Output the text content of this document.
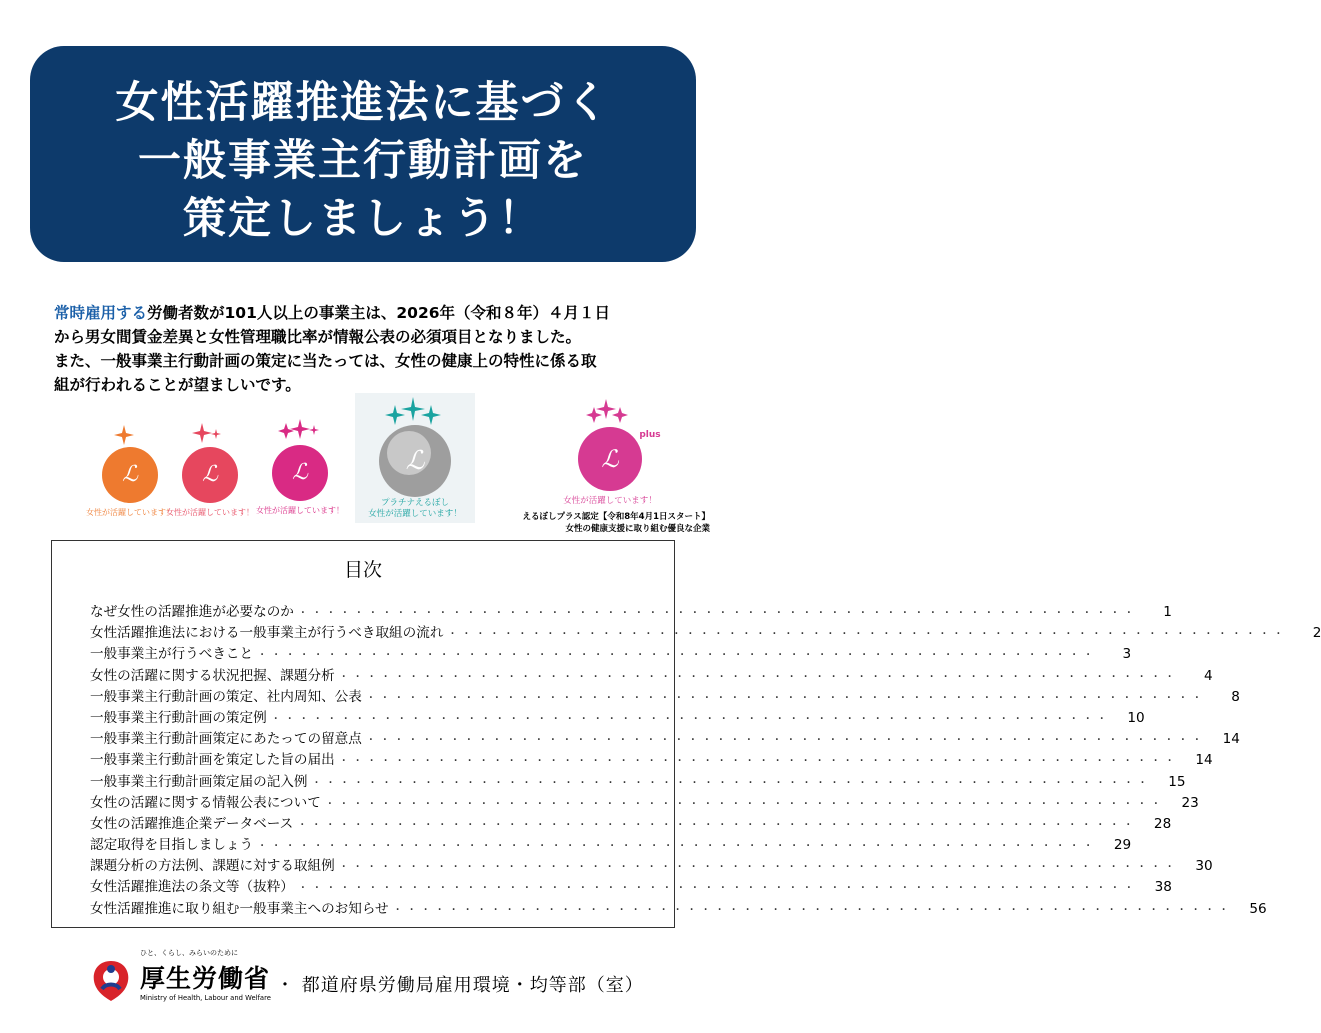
女性活躍推進法に基づく
一般事業主行動計画を
策定しましょう！
常時雇用する労働者数が101人以上の事業主は、2026年（令和８年）４月１日
から男女間賃金差異と女性管理職比率が情報公表の必須項目となりました。
また、一般事業主行動計画の策定に当たっては、女性の健康上の特性に係る取
組が行われることが望ましいです。
ℒ
女性が活躍しています！
ℒ
女性が活躍しています！
ℒ
女性が活躍しています！
ℒ
プラチナえるぼし
女性が活躍しています！
ℒ
plus
女性が活躍しています！
えるぼしプラス認定【令和8年4月1日スタート】
女性の健康支援に取り組む優良な企業
目次
なぜ女性の活躍推進が必要なのか ・・・・・・・・・・・・・・・・・・・・・・・・・・・・・・・・・・・・・・・・・・・・・・・・・・・・・・・・・・・・	1
女性活躍推進法における一般事業主が行うべき取組の流れ ・・・・・・・・・・・・・・・・・・・・・・・・・・・・・・・・・・・・・・・・・・・・・・・・・・・・・・・・・・・・	2
一般事業主が行うべきこと ・・・・・・・・・・・・・・・・・・・・・・・・・・・・・・・・・・・・・・・・・・・・・・・・・・・・・・・・・・・・	3
女性の活躍に関する状況把握、課題分析 ・・・・・・・・・・・・・・・・・・・・・・・・・・・・・・・・・・・・・・・・・・・・・・・・・・・・・・・・・・・・	4
一般事業主行動計画の策定、社内周知、公表 ・・・・・・・・・・・・・・・・・・・・・・・・・・・・・・・・・・・・・・・・・・・・・・・・・・・・・・・・・・・・	8
一般事業主行動計画の策定例 ・・・・・・・・・・・・・・・・・・・・・・・・・・・・・・・・・・・・・・・・・・・・・・・・・・・・・・・・・・・・	10
一般事業主行動計画策定にあたっての留意点 ・・・・・・・・・・・・・・・・・・・・・・・・・・・・・・・・・・・・・・・・・・・・・・・・・・・・・・・・・・・・	14
一般事業主行動計画を策定した旨の届出 ・・・・・・・・・・・・・・・・・・・・・・・・・・・・・・・・・・・・・・・・・・・・・・・・・・・・・・・・・・・・	14
一般事業主行動計画策定届の記入例 ・・・・・・・・・・・・・・・・・・・・・・・・・・・・・・・・・・・・・・・・・・・・・・・・・・・・・・・・・・・・	15
女性の活躍に関する情報公表について ・・・・・・・・・・・・・・・・・・・・・・・・・・・・・・・・・・・・・・・・・・・・・・・・・・・・・・・・・・・・	23
女性の活躍推進企業データベース ・・・・・・・・・・・・・・・・・・・・・・・・・・・・・・・・・・・・・・・・・・・・・・・・・・・・・・・・・・・・	28
認定取得を目指しましょう ・・・・・・・・・・・・・・・・・・・・・・・・・・・・・・・・・・・・・・・・・・・・・・・・・・・・・・・・・・・・	29
課題分析の方法例、課題に対する取組例 ・・・・・・・・・・・・・・・・・・・・・・・・・・・・・・・・・・・・・・・・・・・・・・・・・・・・・・・・・・・・	30
女性活躍推進法の条文等（抜粋） ・・・・・・・・・・・・・・・・・・・・・・・・・・・・・・・・・・・・・・・・・・・・・・・・・・・・・・・・・・・・	38
女性活躍推進に取り組む一般事業主へのお知らせ ・・・・・・・・・・・・・・・・・・・・・・・・・・・・・・・・・・・・・・・・・・・・・・・・・・・・・・・・・・・・	56
ひと、くらし、みらいのために
厚生労働省
Ministry of Health, Labour and Welfare
・ 都道府県労働局雇用環境・均等部（室）
